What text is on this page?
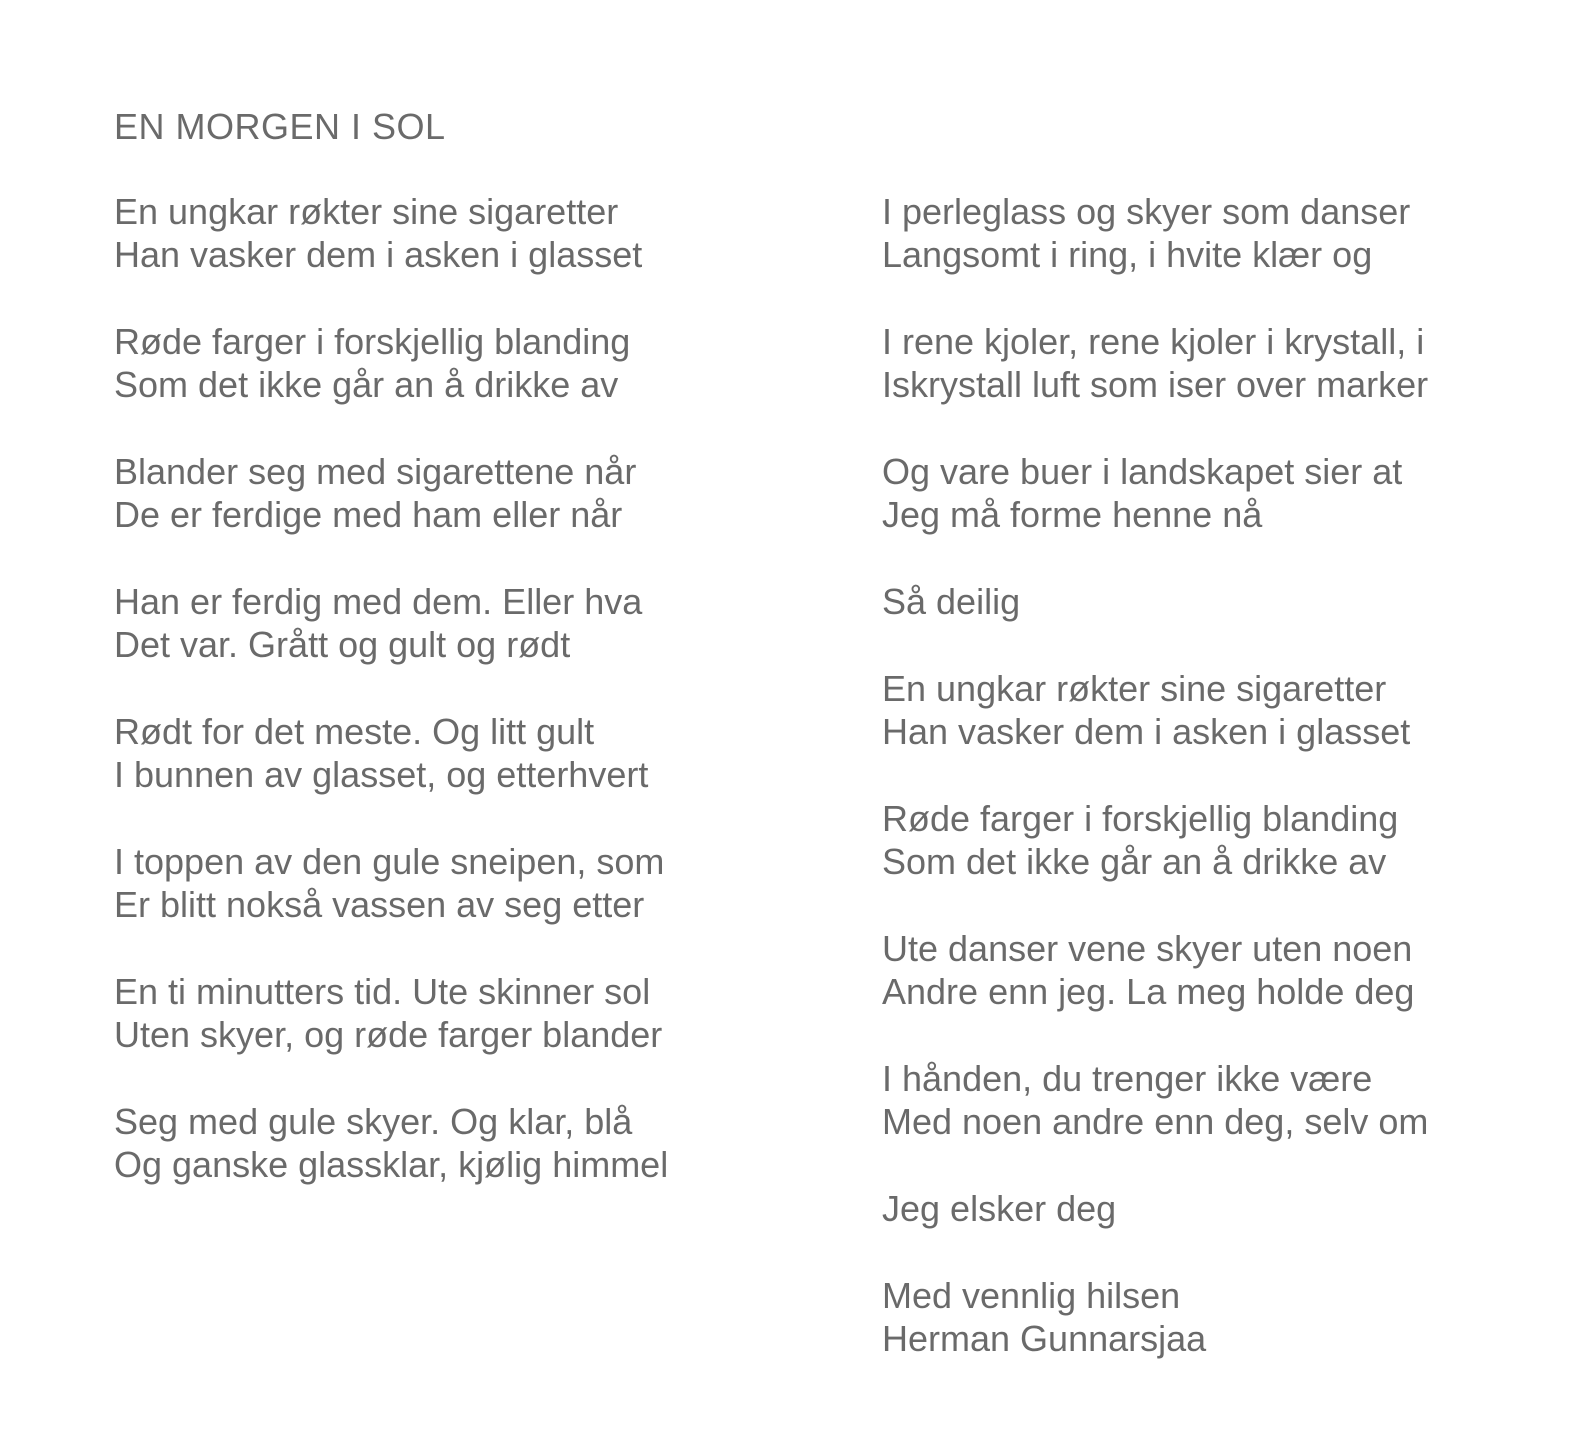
EN MORGEN I SOL

En ungkar røkter sine sigaretter
Han vasker dem i asken i glasset

Røde farger i forskjellig blanding
Som det ikke går an å drikke av

Blander seg med sigarettene når
De er ferdige med ham eller når

Han er ferdig med dem. Eller hva
Det var. Grått og gult og rødt

Rødt for det meste. Og litt gult
I bunnen av glasset, og etterhvert

I toppen av den gule sneipen, som
Er blitt nokså vassen av seg etter

En ti minutters tid. Ute skinner sol
Uten skyer, og røde farger blander

Seg med gule skyer. Og klar, blå
Og ganske glassklar, kjølig himmel

I perleglass og skyer som danser
Langsomt i ring, i hvite klær og

I rene kjoler, rene kjoler i krystall, i
Iskrystall luft som iser over marker

Og vare buer i landskapet sier at
Jeg må forme henne nå

Så deilig

En ungkar røkter sine sigaretter
Han vasker dem i asken i glasset

Røde farger i forskjellig blanding
Som det ikke går an å drikke av

Ute danser vene skyer uten noen
Andre enn jeg. La meg holde deg

I hånden, du trenger ikke være
Med noen andre enn deg, selv om

Jeg elsker deg

Med vennlig hilsen
Herman Gunnarsjaa
